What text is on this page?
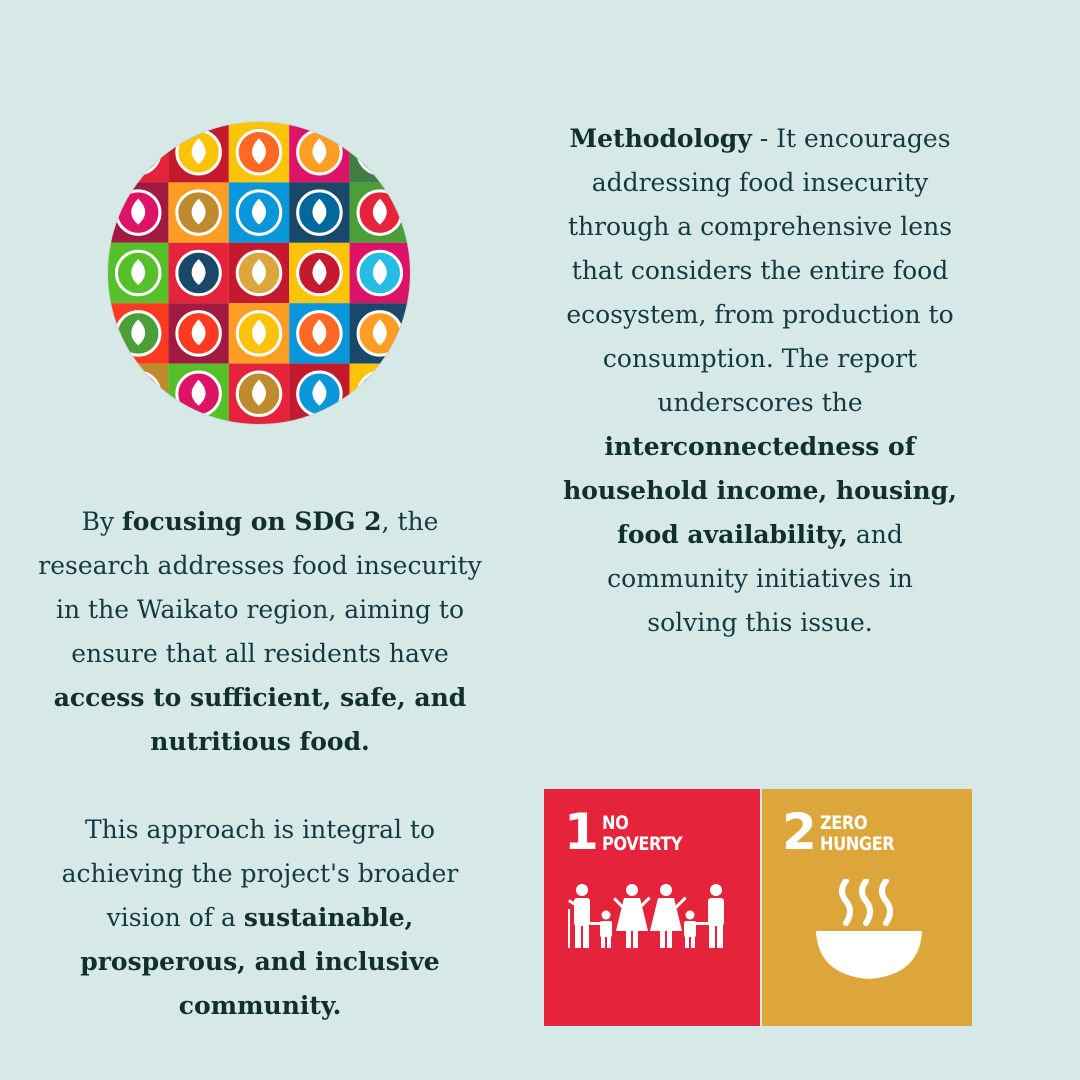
By focusing on SDG 2, the research addresses food insecurity in the Waikato region, aiming to ensure that all residents have access to sufficient, safe, and nutritious food.
This approach is integral to achieving the project's broader vision of a sustainable, prosperous, and inclusive community.
Methodology - It encourages addressing food insecurity through a comprehensive lens that considers the entire food ecosystem, from production to consumption. The report underscores the interconnectedness of household income, housing, food availability, and community initiatives in solving this issue.
1 NO
POVERTY 2 ZERO
HUNGER
